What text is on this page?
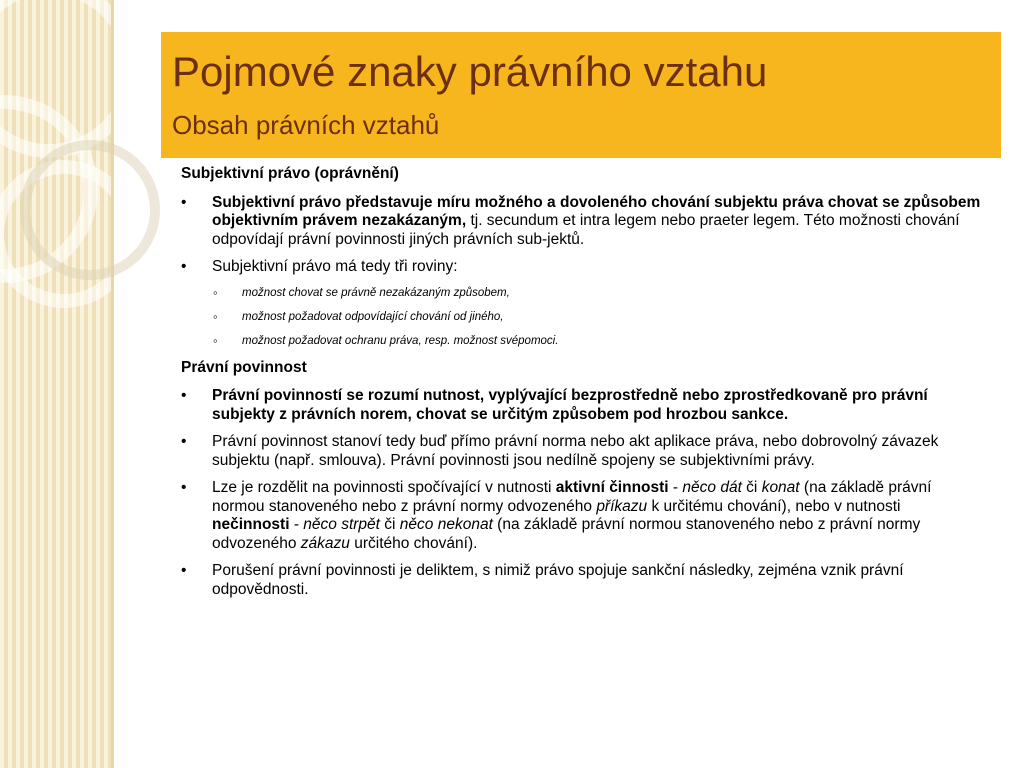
Pojmové znaky právního vztahu
Obsah právních vztahů

Subjektivní právo (oprávnění)

• Subjektivní právo představuje míru možného a dovoleného chování subjektu práva chovat se způsobem objektivním právem nezakázaným, tj. secundum et intra legem nebo praeter legem. Této možnosti chování odpovídají právní povinnosti jiných právních sub-jektů.

• Subjektivní právo má tedy tři roviny:

◦ možnost chovat se právně nezakázaným způsobem,

◦ možnost požadovat odpovídající chování od jiného,

◦ možnost požadovat ochranu práva, resp. možnost svépomoci.

Právní povinnost

• Právní povinností se rozumí nutnost, vyplývající bezprostředně nebo zprostředkovaně pro právní subjekty z právních norem, chovat se určitým způsobem pod hrozbou sankce.

• Právní povinnost stanoví tedy buď přímo právní norma nebo akt aplikace práva, nebo dobrovolný závazek subjektu (např. smlouva). Právní povinnosti jsou nedílně spojeny se subjektivními právy.

• Lze je rozdělit na povinnosti spočívající v nutnosti aktivní činnosti - něco dát či konat (na základě právní normou stanoveného nebo z právní normy odvozeného příkazu k určitému chování), nebo v nutnosti nečinnosti - něco strpět či něco nekonat (na základě právní normou stanoveného nebo z právní normy odvozeného zákazu určitého chování).

• Porušení právní povinnosti je deliktem, s nimiž právo spojuje sankční následky, zejména vznik právní odpovědnosti.
